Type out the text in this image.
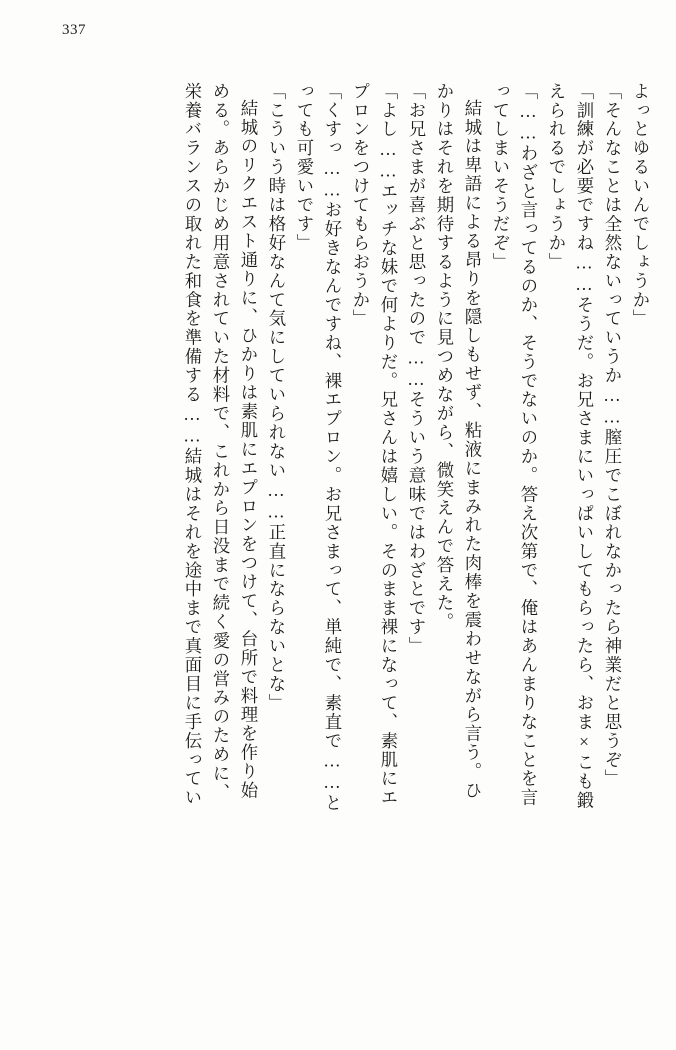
337
よっとゆるいんでしょうか」
「そんなことは全然ないっていうか……膣圧でこぼれなかったら神業だと思うぞ」
「訓練が必要ですね……そうだ。お兄さまにいっぱいしてもらったら、おま×こも鍛
えられるでしょうか」
「……わざと言ってるのか、そうでないのか。答え次第で、俺はあんまりなことを言
ってしまいそうだぞ」
結城は卑語による昂りを隠しもせず、粘液にまみれた肉棒を震わせながら言う。ひ
かりはそれを期待するように見つめながら、微笑えんで答えた。
「お兄さまが喜ぶと思ったので……そういう意味ではわざとです」
「よし……エッチな妹で何よりだ。兄さんは嬉しい。そのまま裸になって、素肌にエ
プロンをつけてもらおうか」
「くすっ……お好きなんですね、裸エプロン。お兄さまって、単純で、素直で……と
っても可愛いです」
「こういう時は格好なんて気にしていられない……正直にならないとな」
結城のリクエスト通りに、ひかりは素肌にエプロンをつけて、台所で料理を作り始
める。あらかじめ用意されていた材料で、これから日没まで続く愛の営みのために、
栄養バランスの取れた和食を準備する……結城はそれを途中まで真面目に手伝ってい
